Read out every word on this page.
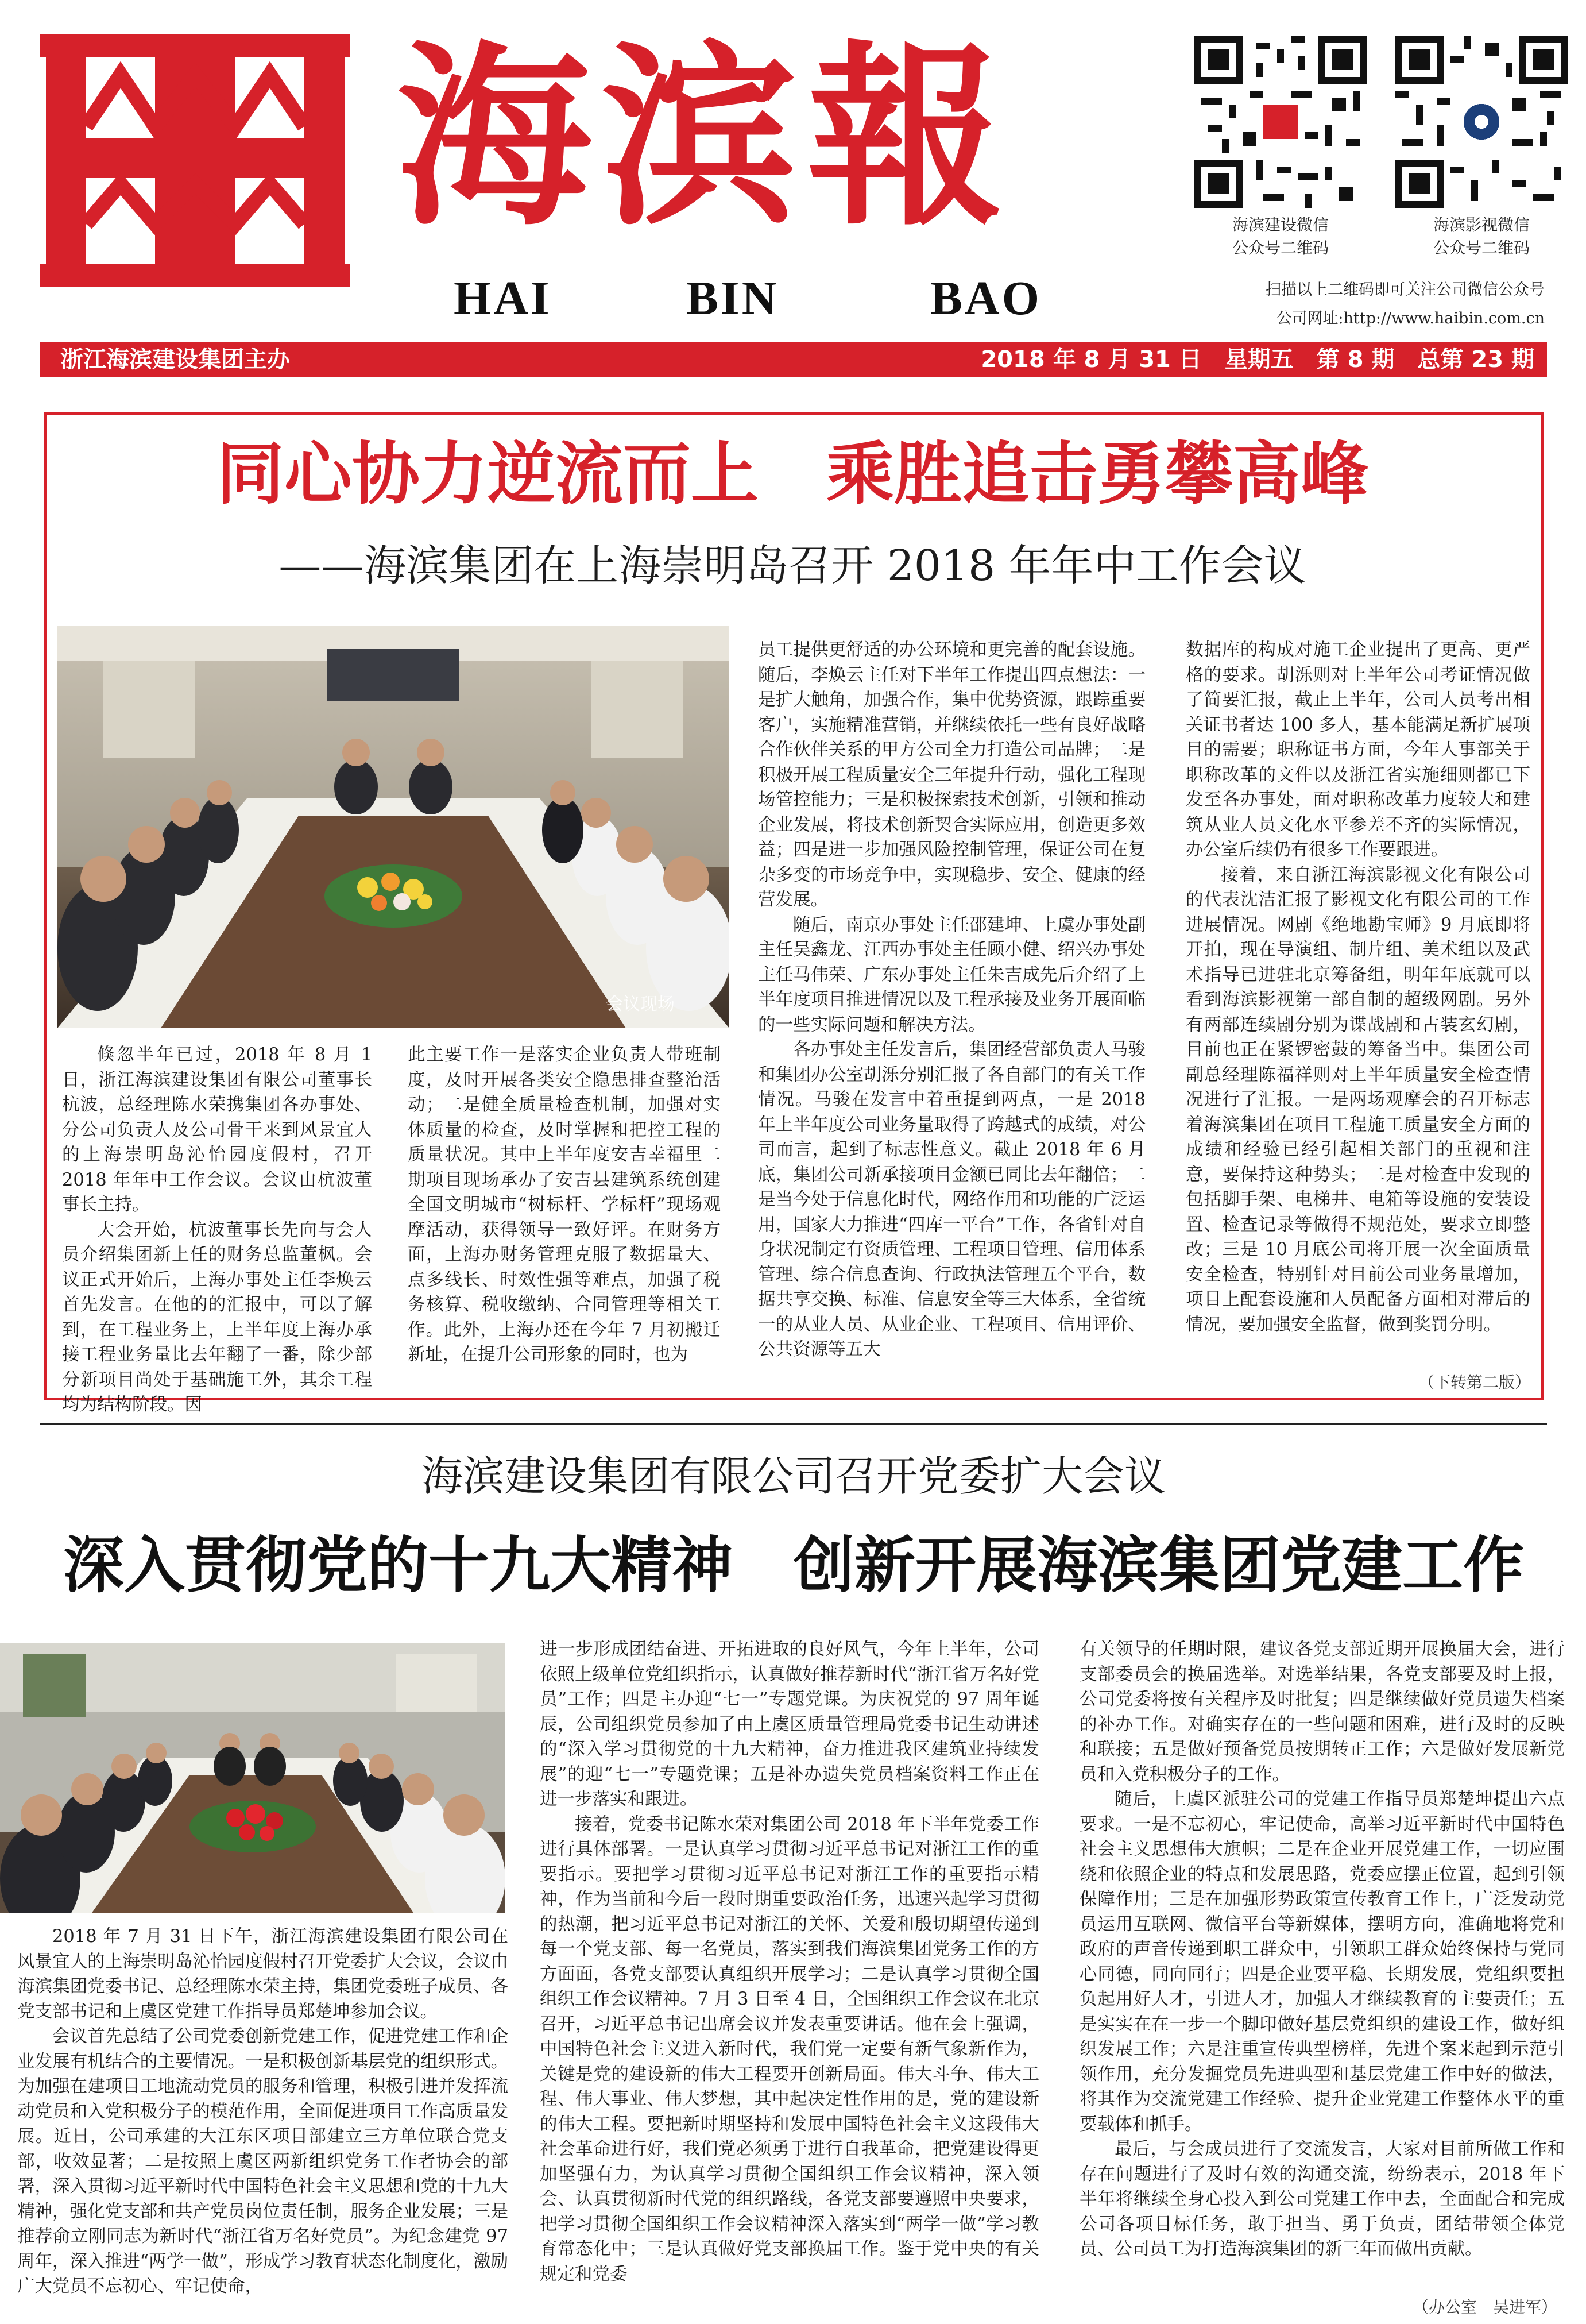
海滨報
HAI	BIN	BAO
海滨建设微信
公众号二维码
海滨影视微信
公众号二维码
扫描以上二维码即可关注公司微信公众号
公司网址:http://www.haibin.com.cn
浙江海滨建设集团主办	2018 年 8 月 31 日　星期五　第 8 期　总第 23 期
同心协力逆流而上　乘胜追击勇攀高峰
——海滨集团在上海崇明岛召开 2018 年年中工作会议
会议现场

倏忽半年已过，2018 年 8 月 1 日，浙江海滨建设集团有限公司董事长杭波，总经理陈水荣携集团各办事处、分公司负责人及公司骨干来到风景宜人的上海崇明岛沁怡园度假村，召开 2018 年年中工作会议。会议由杭波董事长主持。

大会开始，杭波董事长先向与会人员介绍集团新上任的财务总监董枫。会议正式开始后，上海办事处主任李焕云首先发言。在他的的汇报中，可以了解到，在工程业务上，上半年度上海办承接工程业务量比去年翻了一番，除少部分新项目尚处于基础施工外，其余工程均为结构阶段。因

此主要工作一是落实企业负责人带班制度，及时开展各类安全隐患排查整治活动；二是健全质量检查机制，加强对实体质量的检查，及时掌握和把控工程的质量状况。其中上半年度安吉幸福里二期项目现场承办了安吉县建筑系统创建全国文明城市“树标杆、学标杆”现场观摩活动，获得领导一致好评。在财务方面，上海办财务管理克服了数据量大、点多线长、时效性强等难点，加强了税务核算、税收缴纳、合同管理等相关工作。此外，上海办还在今年 7 月初搬迁新址，在提升公司形象的同时，也为

员工提供更舒适的办公环境和更完善的配套设施。随后，李焕云主任对下半年工作提出四点想法：一是扩大触角，加强合作，集中优势资源，跟踪重要客户，实施精准营销，并继续依托一些有良好战略合作伙伴关系的甲方公司全力打造公司品牌；二是积极开展工程质量安全三年提升行动，强化工程现场管控能力；三是积极探索技术创新，引领和推动企业发展，将技术创新契合实际应用，创造更多效益；四是进一步加强风险控制管理，保证公司在复杂多变的市场竞争中，实现稳步、安全、健康的经营发展。

随后，南京办事处主任邵建坤、上虞办事处副主任吴鑫龙、江西办事处主任顾小健、绍兴办事处主任马伟荣、广东办事处主任朱吉成先后介绍了上半年度项目推进情况以及工程承接及业务开展面临的一些实际问题和解决方法。

各办事处主任发言后，集团经营部负责人马骏和集团办公室胡泺分别汇报了各自部门的有关工作情况。马骏在发言中着重提到两点，一是 2018 年上半年度公司业务量取得了跨越式的成绩，对公司而言，起到了标志性意义。截止 2018 年 6 月底，集团公司新承接项目金额已同比去年翻倍；二是当今处于信息化时代，网络作用和功能的广泛运用，国家大力推进“四库一平台”工作，各省针对自身状况制定有资质管理、工程项目管理、信用体系管理、综合信息查询、行政执法管理五个平台，数据共享交换、标准、信息安全等三大体系，全省统一的从业人员、从业企业、工程项目、信用评价、公共资源等五大

数据库的构成对施工企业提出了更高、更严格的要求。胡泺则对上半年公司考证情况做了简要汇报，截止上半年，公司人员考出相关证书者达 100 多人，基本能满足新扩展项目的需要；职称证书方面，今年人事部关于职称改革的文件以及浙江省实施细则都已下发至各办事处，面对职称改革力度较大和建筑从业人员文化水平参差不齐的实际情况，办公室后续仍有很多工作要跟进。

接着，来自浙江海滨影视文化有限公司的代表沈洁汇报了影视文化有限公司的工作进展情况。网剧《绝地勘宝师》9 月底即将开拍，现在导演组、制片组、美术组以及武术指导已进驻北京筹备组，明年年底就可以看到海滨影视第一部自制的超级网剧。另外有两部连续剧分别为谍战剧和古装玄幻剧，目前也正在紧锣密鼓的筹备当中。集团公司副总经理陈福祥则对上半年质量安全检查情况进行了汇报。一是两场观摩会的召开标志着海滨集团在项目工程施工质量安全方面的成绩和经验已经引起相关部门的重视和注意，要保持这种势头；二是对检查中发现的包括脚手架、电梯井、电箱等设施的安装设置、检查记录等做得不规范处，要求立即整改；三是 10 月底公司将开展一次全面质量安全检查，特别针对目前公司业务量增加，项目上配套设施和人员配备方面相对滞后的情况，要加强安全监督，做到奖罚分明。

（下转第二版）
海滨建设集团有限公司召开党委扩大会议
深入贯彻党的十九大精神　创新开展海滨集团党建工作

2018 年 7 月 31 日下午，浙江海滨建设集团有限公司在风景宜人的上海崇明岛沁怡园度假村召开党委扩大会议，会议由海滨集团党委书记、总经理陈水荣主持，集团党委班子成员、各党支部书记和上虞区党建工作指导员郑楚坤参加会议。

会议首先总结了公司党委创新党建工作，促进党建工作和企业发展有机结合的主要情况。一是积极创新基层党的组织形式。为加强在建项目工地流动党员的服务和管理，积极引进并发挥流动党员和入党积极分子的模范作用，全面促进项目工作高质量发展。近日，公司承建的大江东区项目部建立三方单位联合党支部，收效显著；二是按照上虞区两新组织党务工作者协会的部署，深入贯彻习近平新时代中国特色社会主义思想和党的十九大精神，强化党支部和共产党员岗位责任制，服务企业发展；三是推荐俞立刚同志为新时代“浙江省万名好党员”。为纪念建党 97 周年，深入推进“两学一做”，形成学习教育状态化制度化，激励广大党员不忘初心、牢记使命，

进一步形成团结奋进、开拓进取的良好风气，今年上半年，公司依照上级单位党组织指示，认真做好推荐新时代“浙江省万名好党员”工作；四是主办迎“七一”专题党课。为庆祝党的 97 周年诞辰，公司组织党员参加了由上虞区质量管理局党委书记生动讲述的“深入学习贯彻党的十九大精神，奋力推进我区建筑业持续发展”的迎“七一”专题党课；五是补办遗失党员档案资料工作正在进一步落实和跟进。

接着，党委书记陈水荣对集团公司 2018 年下半年党委工作进行具体部署。一是认真学习贯彻习近平总书记对浙江工作的重要指示。要把学习贯彻习近平总书记对浙江工作的重要指示精神，作为当前和今后一段时期重要政治任务，迅速兴起学习贯彻的热潮，把习近平总书记对浙江的关怀、关爱和殷切期望传递到每一个党支部、每一名党员，落实到我们海滨集团党务工作的方方面面，各党支部要认真组织开展学习；二是认真学习贯彻全国组织工作会议精神。7 月 3 日至 4 日，全国组织工作会议在北京召开，习近平总书记出席会议并发表重要讲话。他在会上强调，中国特色社会主义进入新时代，我们党一定要有新气象新作为，关键是党的建设新的伟大工程要开创新局面。伟大斗争、伟大工程、伟大事业、伟大梦想，其中起决定性作用的是，党的建设新的伟大工程。要把新时期坚持和发展中国特色社会主义这段伟大社会革命进行好，我们党必须勇于进行自我革命，把党建设得更加坚强有力，为认真学习贯彻全国组织工作会议精神，深入领会、认真贯彻新时代党的组织路线，各党支部要遵照中央要求，把学习贯彻全国组织工作会议精神深入落实到“两学一做”学习教育常态化中；三是认真做好党支部换届工作。鉴于党中央的有关规定和党委

有关领导的任期时限，建议各党支部近期开展换届大会，进行支部委员会的换届选举。对选举结果，各党支部要及时上报，公司党委将按有关程序及时批复；四是继续做好党员遗失档案的补办工作。对确实存在的一些问题和困难，进行及时的反映和联接；五是做好预备党员按期转正工作；六是做好发展新党员和入党积极分子的工作。

随后，上虞区派驻公司的党建工作指导员郑楚坤提出六点要求。一是不忘初心，牢记使命，高举习近平新时代中国特色社会主义思想伟大旗帜；二是在企业开展党建工作，一切应围绕和依照企业的特点和发展思路，党委应摆正位置，起到引领保障作用；三是在加强形势政策宣传教育工作上，广泛发动党员运用互联网、微信平台等新媒体，摆明方向，准确地将党和政府的声音传递到职工群众中，引领职工群众始终保持与党同心同德，同向同行；四是企业要平稳、长期发展，党组织要担负起用好人才，引进人才，加强人才继续教育的主要责任；五是实实在在一步一个脚印做好基层党组织的建设工作，做好组织发展工作；六是注重宣传典型榜样，先进个案来起到示范引领作用，充分发掘党员先进典型和基层党建工作中好的做法，将其作为交流党建工作经验、提升企业党建工作整体水平的重要载体和抓手。

最后，与会成员进行了交流发言，大家对目前所做工作和存在问题进行了及时有效的沟通交流，纷纷表示，2018 年下半年将继续全身心投入到公司党建工作中去，全面配合和完成公司各项目标任务，敢于担当、勇于负责，团结带领全体党员、公司员工为打造海滨集团的新三年而做出贡献。

（办公室　吴进军）
